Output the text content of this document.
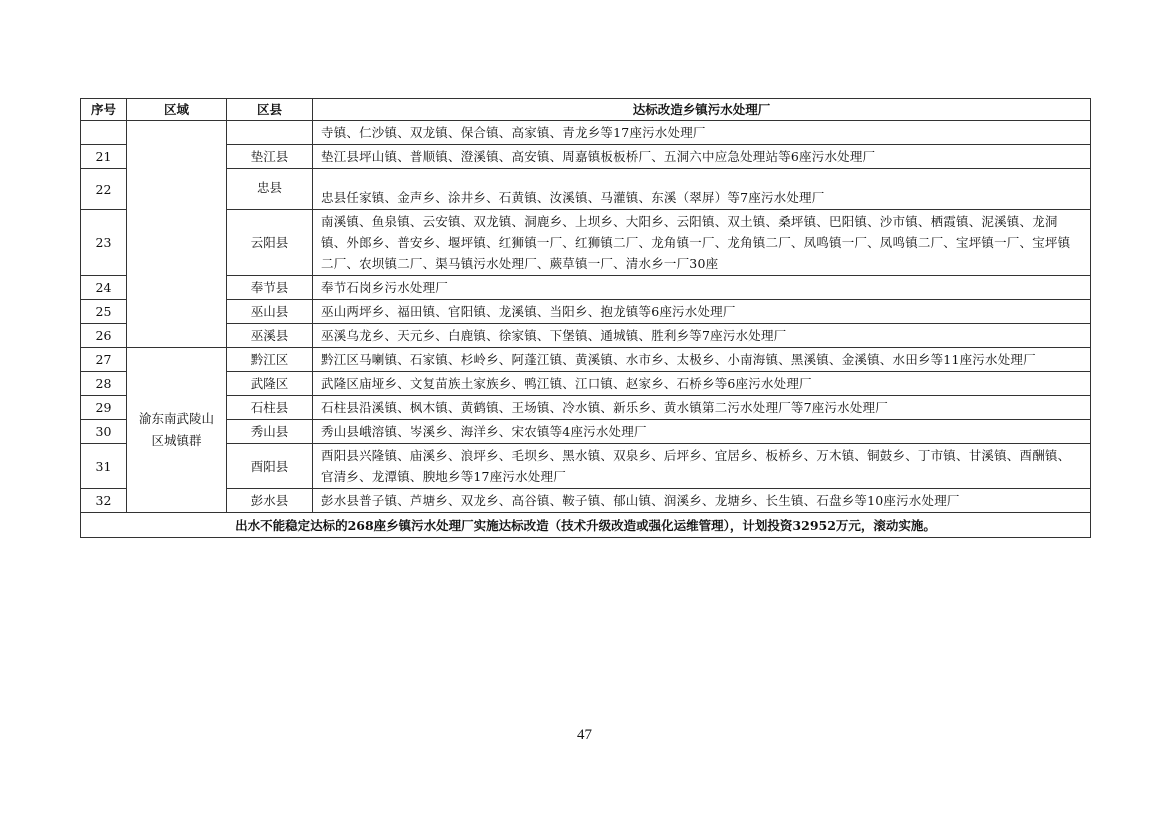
序号	区域	区县	达标改造乡镇污水处理厂
			寺镇、仁沙镇、双龙镇、保合镇、高家镇、青龙乡等17座污水处理厂
21		垫江县	垫江县坪山镇、普顺镇、澄溪镇、高安镇、周嘉镇板板桥厂、五洞六中应急处理站等6座污水处理厂
22		忠县	忠县任家镇、金声乡、涂井乡、石黄镇、汝溪镇、马灌镇、东溪（翠屏）等7座污水处理厂
23		云阳县	南溪镇、鱼泉镇、云安镇、双龙镇、洞鹿乡、上坝乡、大阳乡、云阳镇、双土镇、桑坪镇、巴阳镇、沙市镇、栖霞镇、泥溪镇、龙洞镇、外郎乡、普安乡、堰坪镇、红狮镇一厂、红狮镇二厂、龙角镇一厂、龙角镇二厂、凤鸣镇一厂、凤鸣镇二厂、宝坪镇一厂、宝坪镇二厂、农坝镇二厂、渠马镇污水处理厂、蕨草镇一厂、清水乡一厂30座
24		奉节县	奉节石岗乡污水处理厂
25		巫山县	巫山两坪乡、福田镇、官阳镇、龙溪镇、当阳乡、抱龙镇等6座污水处理厂
26		巫溪县	巫溪乌龙乡、天元乡、白鹿镇、徐家镇、下堡镇、通城镇、胜利乡等7座污水处理厂
27	渝东南武陵山区城镇群	黔江区	黔江区马喇镇、石家镇、杉岭乡、阿蓬江镇、黄溪镇、水市乡、太极乡、小南海镇、黑溪镇、金溪镇、水田乡等11座污水处理厂
28		武隆区	武隆区庙垭乡、文复苗族土家族乡、鸭江镇、江口镇、赵家乡、石桥乡等6座污水处理厂
29		石柱县	石柱县沿溪镇、枫木镇、黄鹤镇、王场镇、冷水镇、新乐乡、黄水镇第二污水处理厂等7座污水处理厂
30		秀山县	秀山县峨溶镇、岑溪乡、海洋乡、宋农镇等4座污水处理厂
31		酉阳县	酉阳县兴隆镇、庙溪乡、浪坪乡、毛坝乡、黑水镇、双泉乡、后坪乡、宜居乡、板桥乡、万木镇、铜鼓乡、丁市镇、甘溪镇、酉酬镇、官清乡、龙潭镇、腴地乡等17座污水处理厂
32		彭水县	彭水县普子镇、芦塘乡、双龙乡、高谷镇、鞍子镇、郁山镇、润溪乡、龙塘乡、长生镇、石盘乡等10座污水处理厂
出水不能稳定达标的268座乡镇污水处理厂实施达标改造（技术升级改造或强化运维管理），计划投资32952万元，滚动实施。			
47
